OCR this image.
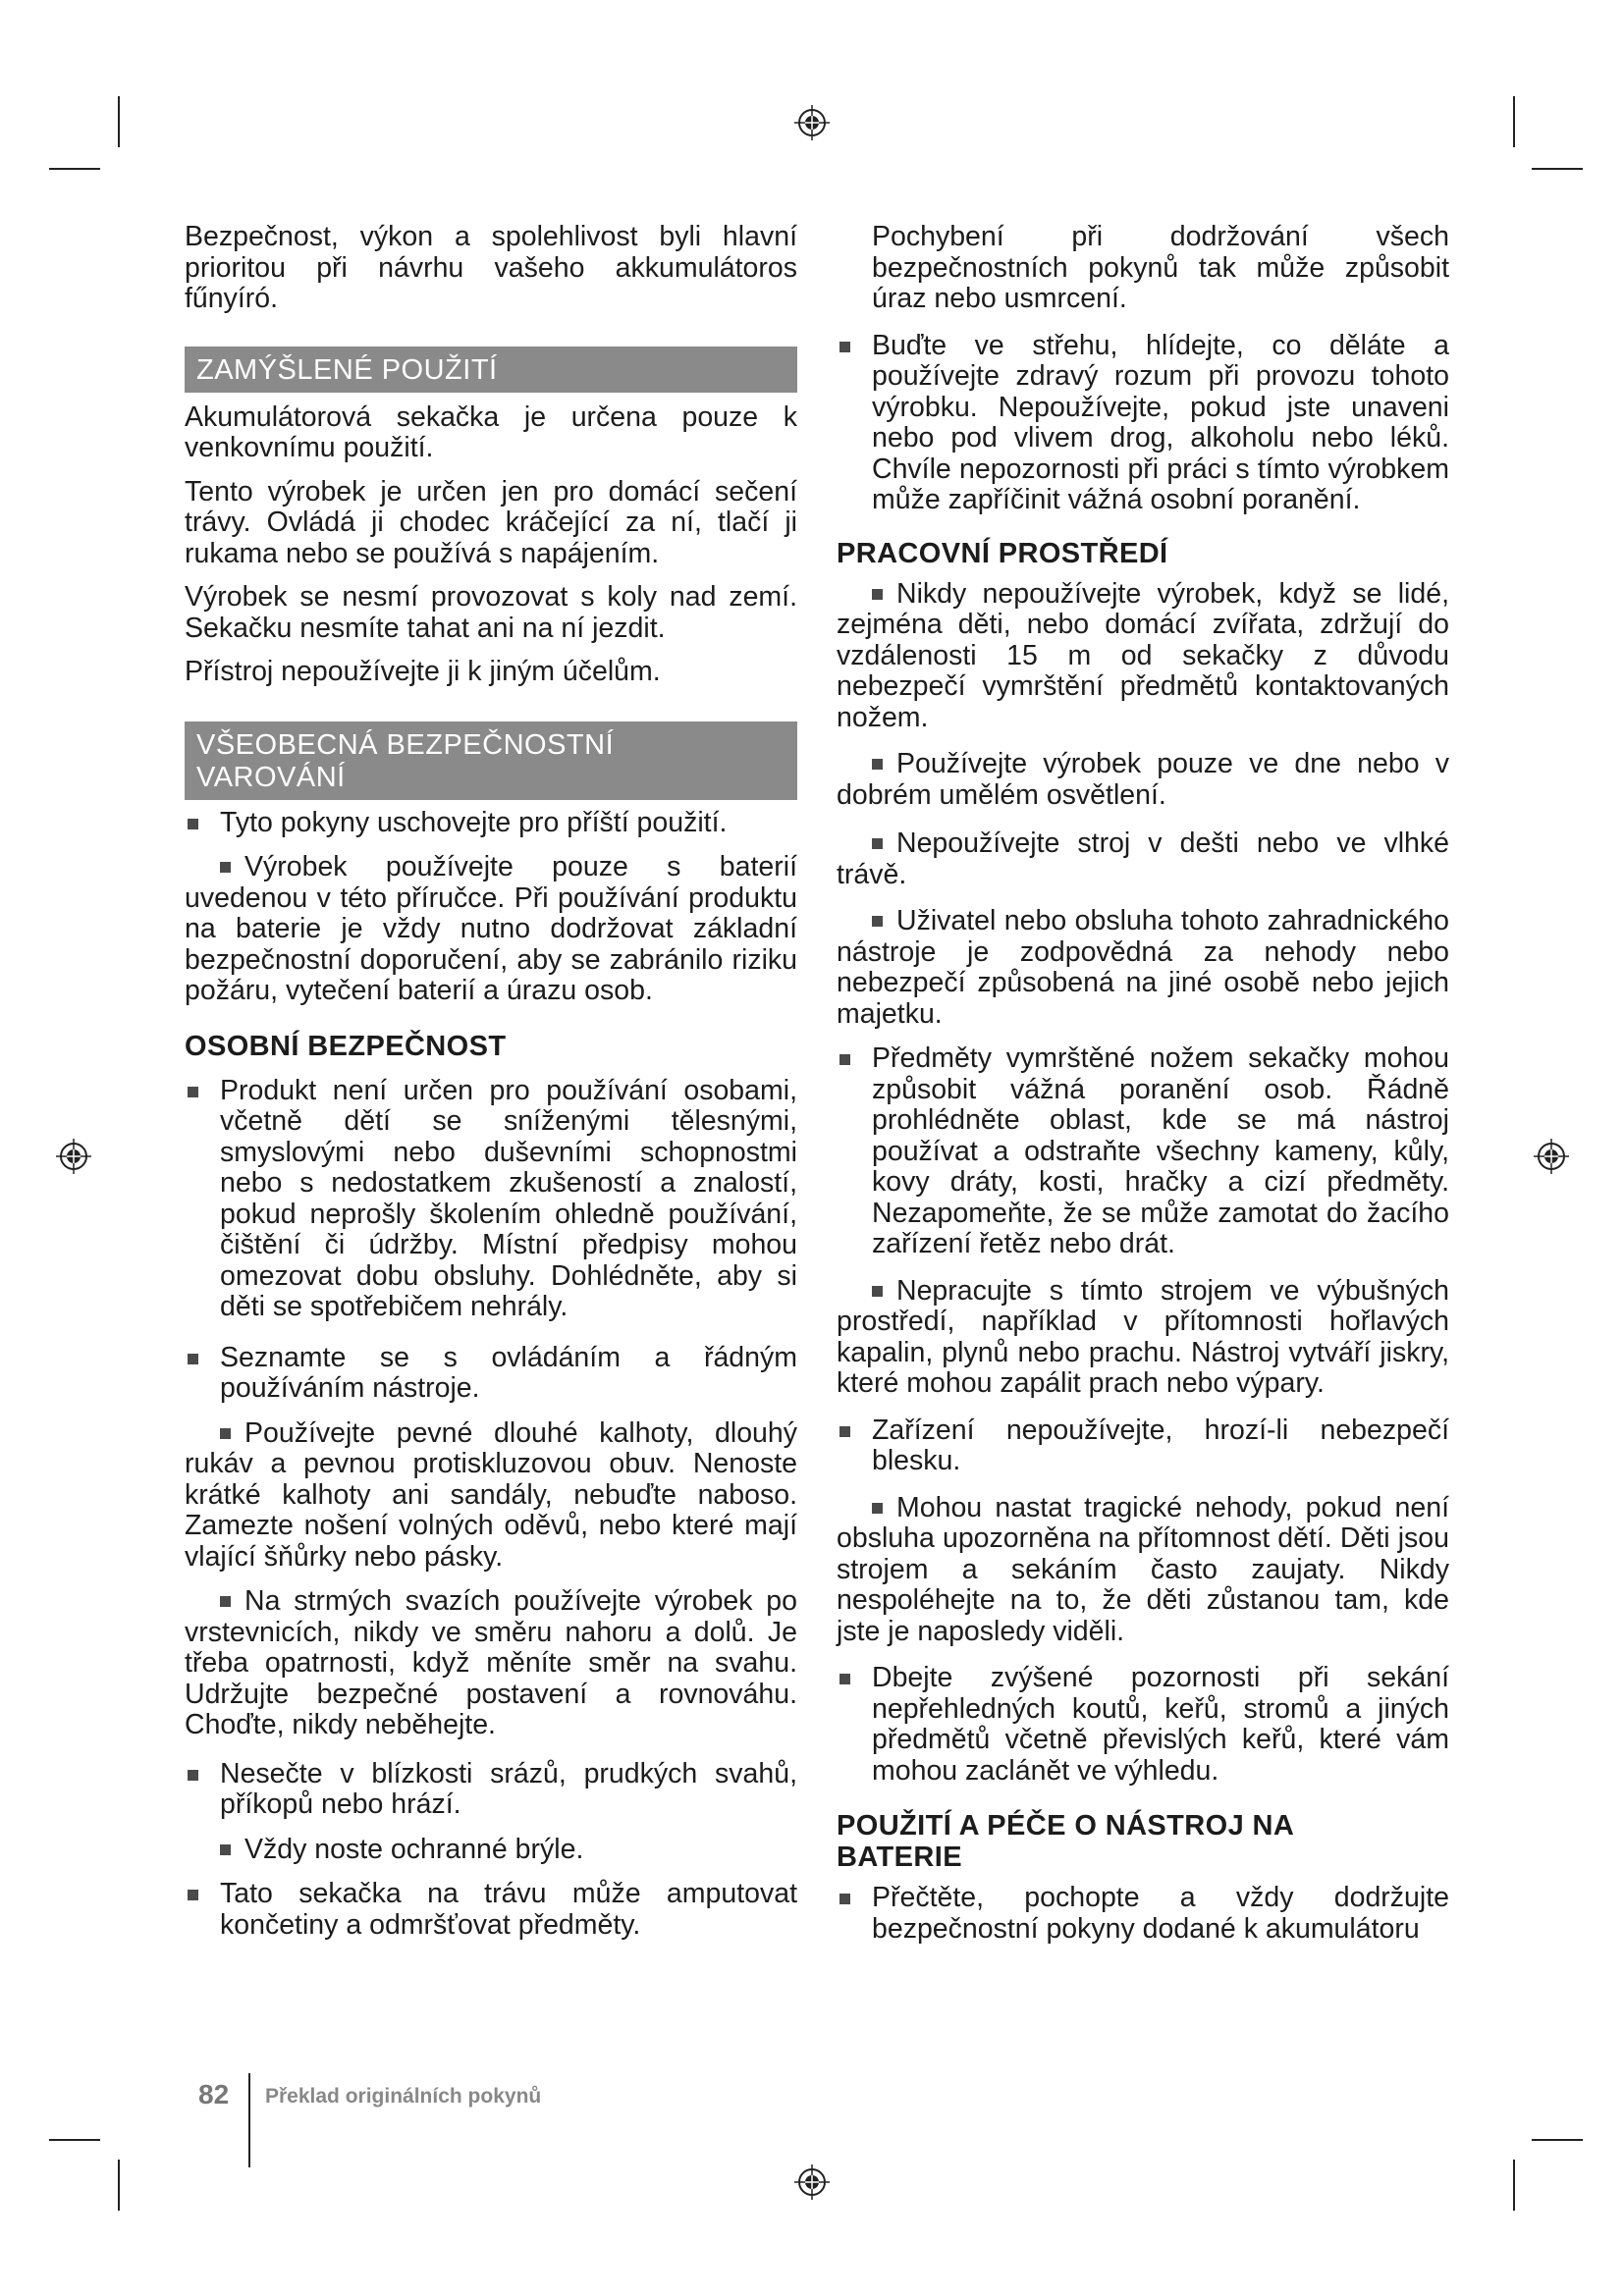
Bezpečnost, výkon a spolehlivost byli hlavní prioritou při návrhu vašeho akkumulátoros fűnyíró.

ZAMÝŠLENÉ POUŽITÍ

Akumulátorová sekačka je určena pouze k venkovnímu použití.

Tento výrobek je určen jen pro domácí sečení trávy. Ovládá ji chodec kráčející za ní, tlačí ji rukama nebo se používá s napájením.

Výrobek se nesmí provozovat s koly nad zemí. Sekačku nesmíte tahat ani na ní jezdit.

Přístroj nepoužívejte ji k jiným účelům.

VŠEOBECNÁ BEZPEČNOSTNÍ
VAROVÁNÍ

Tyto pokyny uschovejte pro příští použití.

Výrobek používejte pouze s baterií uvedenou v této příručce. Při používání produktu na baterie je vždy nutno dodržovat základní bezpečnostní doporučení, aby se zabránilo riziku požáru, vytečení baterií a úrazu osob.

OSOBNÍ BEZPEČNOST

Produkt není určen pro používání osobami, včetně dětí se sníženými tělesnými, smyslovými nebo duševními schopnostmi nebo s nedostatkem zkušeností a znalostí, pokud neprošly školením ohledně používání, čištění či údržby. Místní předpisy mohou omezovat dobu obsluhy. Dohlédněte, aby si děti se spotřebičem nehrály.

Seznamte se s ovládáním a řádným používáním nástroje.

Používejte pevné dlouhé kalhoty, dlouhý rukáv a pevnou protiskluzovou obuv. Nenoste krátké kalhoty ani sandály, nebuďte naboso. Zamezte nošení volných oděvů, nebo které mají vlající šňůrky nebo pásky.

Na strmých svazích používejte výrobek po vrstevnicích, nikdy ve směru nahoru a dolů. Je třeba opatrnosti, když měníte směr na svahu. Udržujte bezpečné postavení a rovnováhu. Choďte, nikdy neběhejte.

Nesečte v blízkosti srázů, prudkých svahů, příkopů nebo hrází.

Vždy noste ochranné brýle.

Tato sekačka na trávu může amputovat končetiny a odmršťovat předměty.

Pochybení při dodržování všech bezpečnostních pokynů tak může způsobit úraz nebo usmrcení.

Buďte ve střehu, hlídejte, co děláte a používejte zdravý rozum při provozu tohoto výrobku. Nepoužívejte, pokud jste unaveni nebo pod vlivem drog, alkoholu nebo léků. Chvíle nepozornosti při práci s tímto výrobkem může zapříčinit vážná osobní poranění.

PRACOVNÍ PROSTŘEDÍ

Nikdy nepoužívejte výrobek, když se lidé, zejména děti, nebo domácí zvířata, zdržují do vzdálenosti 15 m od sekačky z důvodu nebezpečí vymrštění předmětů kontaktovaných nožem.

Používejte výrobek pouze ve dne nebo v dobrém umělém osvětlení.

Nepoužívejte stroj v dešti nebo ve vlhké trávě.

Uživatel nebo obsluha tohoto zahradnického nástroje je zodpovědná za nehody nebo nebezpečí způsobená na jiné osobě nebo jejich majetku.

Předměty vymrštěné nožem sekačky mohou způsobit vážná poranění osob. Řádně prohlédněte oblast, kde se má nástroj používat a odstraňte všechny kameny, kůly, kovy dráty, kosti, hračky a cizí předměty. Nezapomeňte, že se může zamotat do žacího zařízení řetěz nebo drát.

Nepracujte s tímto strojem ve výbušných prostředí, například v přítomnosti hořlavých kapalin, plynů nebo prachu. Nástroj vytváří jiskry, které mohou zapálit prach nebo výpary.

Zařízení nepoužívejte, hrozí-li nebezpečí blesku.

Mohou nastat tragické nehody, pokud není obsluha upozorněna na přítomnost dětí. Děti jsou strojem a sekáním často zaujaty. Nikdy nespoléhejte na to, že děti zůstanou tam, kde jste je naposledy viděli.

Dbejte zvýšené pozornosti při sekání nepřehledných koutů, keřů, stromů a jiných předmětů včetně převislých keřů, které vám mohou zaclánět ve výhledu.

POUŽITÍ A PÉČE O NÁSTROJ NA
BATERIE

Přečtěte, pochopte a vždy dodržujte bezpečnostní pokyny dodané k akumulátoru

82 Překlad originálních pokynů
